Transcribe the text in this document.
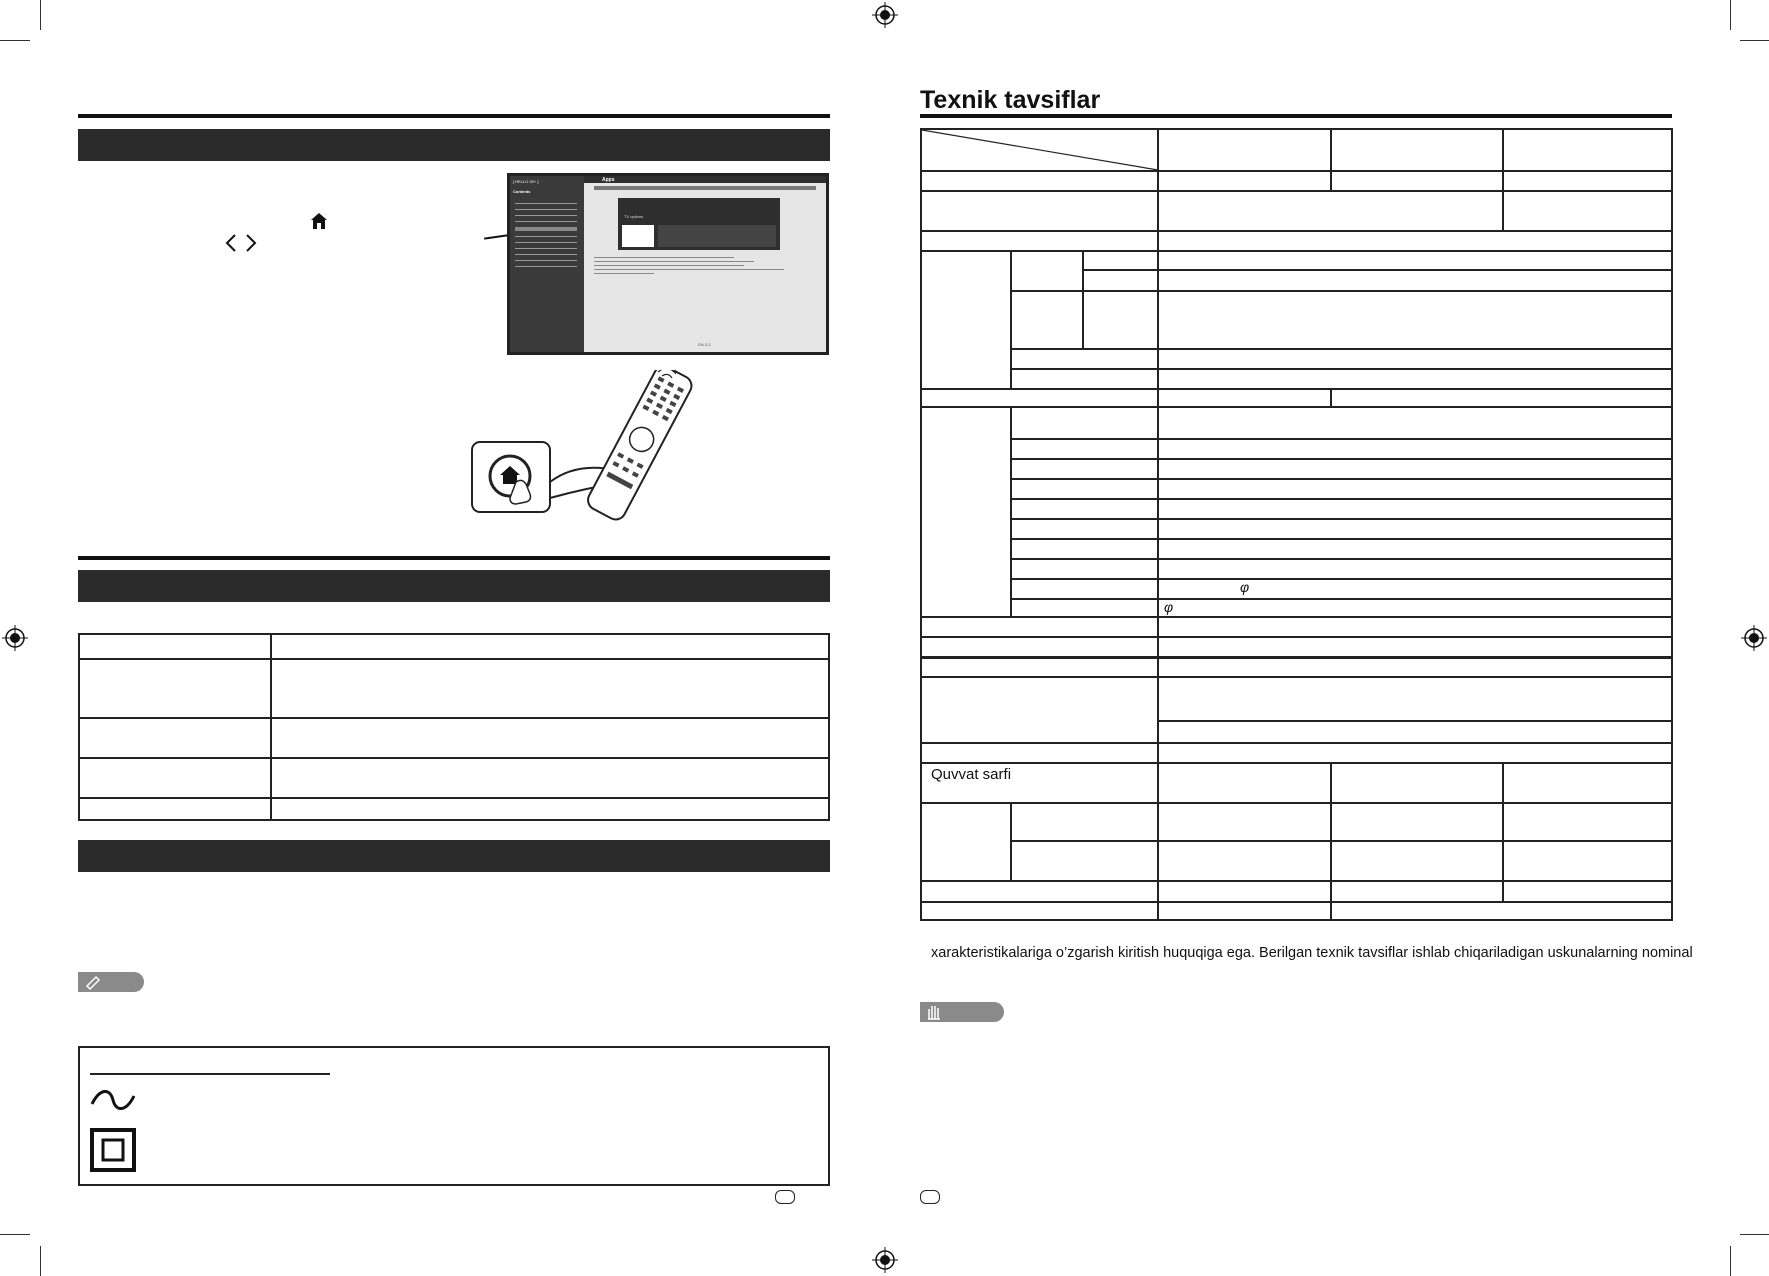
[ HELLO 20+ ]
Contents
Apps
TV options
EN-3.3
Texnik tavsiflar
φ
φ
Quvvat sarfi
xarakteristikalariga o’zgarish kiritish huquqiga ega. Berilgan texnik tavsiflar ishlab chiqariladigan uskunalarning nominal
